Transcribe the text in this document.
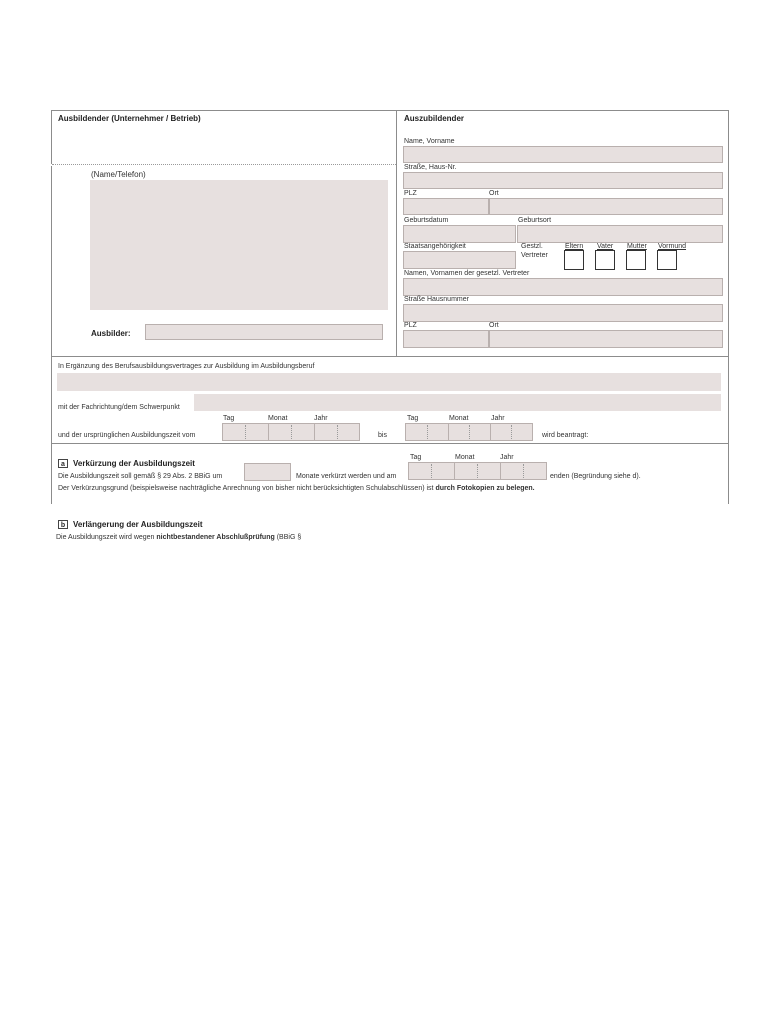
Ausbildender (Unternehmer / Betrieb)
(Name/Telefon)
Ausbilder:
Auszubildender
Name, Vorname
Straße, Haus-Nr.
PLZ	Ort
Geburtsdatum	Geburtsort
Staatsangehörigkeit	Gestzl.
Vertreter
Eltern Vater Mutter Vormund
Namen, Vornamen der gesetzl. Vertreter
Straße Hausnummer
PLZ	Ort
In Ergänzung des Berufsausbildungsvertrages zur Ausbildung im Ausbildungsberuf
mit der Fachrichtung/dem Schwerpunkt
Tag	Monat	Jahr
und der ursprünglichen Ausbildungszeit vom	bis
Tag	Monat	Jahr
wird beantragt:
a	Verkürzung der Ausbildungszeit
Tag	Monat	Jahr
Die Ausbildungszeit soll gemäß § 29 Abs. 2 BBiG um	Monate verkürzt werden und am	enden (Begründung siehe d).
Der Verkürzungsgrund (beispielsweise nachträgliche Anrechnung von bisher nicht berücksichtigten Schulabschlüssen) ist durch Fotokopien zu belegen.
b Verlängerung der Ausbildungszeit
Die Ausbildungszeit wird wegen nichtbestandener Abschlußprüfung (BBiG §
